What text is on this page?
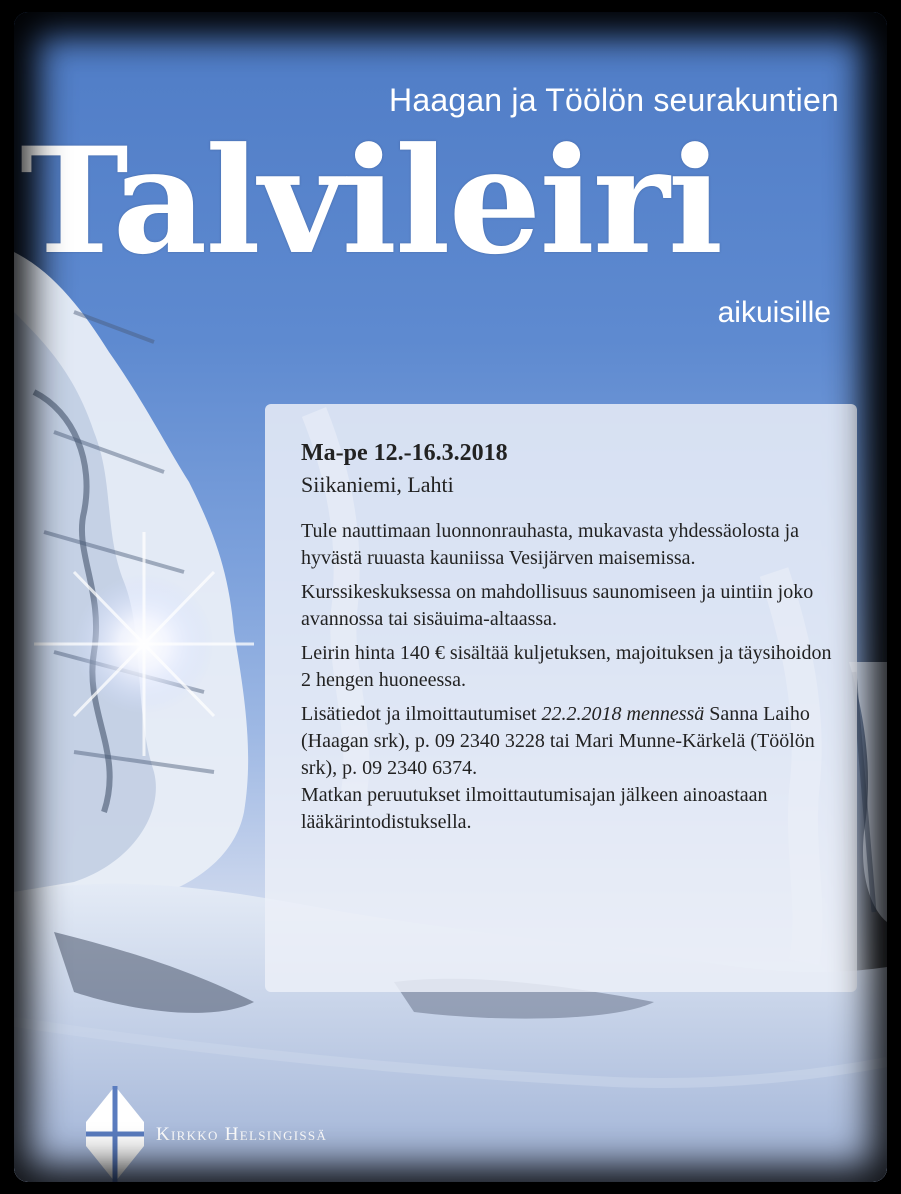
Haagan ja Töölön seurakuntien
Talvileiri
aikuisille

Ma-pe 12.-16.3.2018

Siikaniemi, Lahti

Tule nauttimaan luonnonrauhasta, mukavasta yhdessäolosta ja hyvästä ruuasta kauniissa Vesijärven maisemissa.

Kurssikeskuksessa on mahdollisuus saunomiseen ja uintiin joko avannossa tai sisäuima-altaassa.

Leirin hinta 140 € sisältää kuljetuksen, majoituksen ja täysihoidon 2 hengen huoneessa.

Lisätiedot ja ilmoittautumiset 22.2.2018 mennessä Sanna Laiho (Haagan srk), p. 09 2340 3228 tai Mari Munne-Kärkelä (Töölön srk), p. 09 2340 6374.
Matkan peruutukset ilmoittautumisajan jälkeen ainoastaan lääkärintodistuksella.

Kirkko Helsingissä
